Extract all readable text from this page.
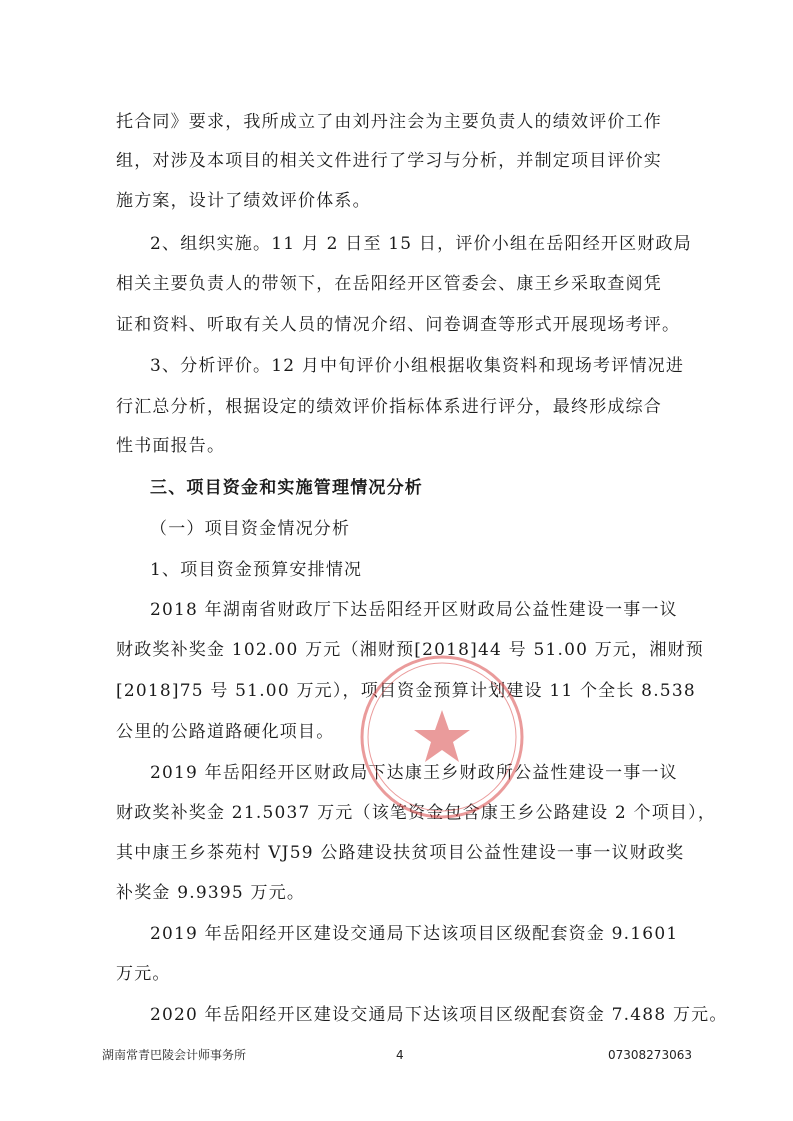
托合同》要求，我所成立了由刘丹注会为主要负责人的绩效评价工作
组，对涉及本项目的相关文件进行了学习与分析，并制定项目评价实
施方案，设计了绩效评价体系。
2、组织实施。11 月 2 日至 15 日，评价小组在岳阳经开区财政局
相关主要负责人的带领下，在岳阳经开区管委会、康王乡采取查阅凭
证和资料、听取有关人员的情况介绍、问卷调查等形式开展现场考评。
3、分析评价。12 月中旬评价小组根据收集资料和现场考评情况进
行汇总分析，根据设定的绩效评价指标体系进行评分，最终形成综合
性书面报告。
三、项目资金和实施管理情况分析
（一）项目资金情况分析
1、项目资金预算安排情况
2018 年湖南省财政厅下达岳阳经开区财政局公益性建设一事一议
财政奖补奖金 102.00 万元（湘财预[2018]44 号 51.00 万元，湘财预
[2018]75 号 51.00 万元），项目资金预算计划建设 11 个全长 8.538
公里的公路道路硬化项目。
2019 年岳阳经开区财政局下达康王乡财政所公益性建设一事一议
财政奖补奖金 21.5037 万元（该笔资金包含康王乡公路建设 2 个项目），
其中康王乡茶苑村 VJ59 公路建设扶贫项目公益性建设一事一议财政奖
补奖金 9.9395 万元。
2019 年岳阳经开区建设交通局下达该项目区级配套资金 9.1601
万元。
2020 年岳阳经开区建设交通局下达该项目区级配套资金 7.488 万元。
湖南常青巴陵会计师事务所	4	07308273063
